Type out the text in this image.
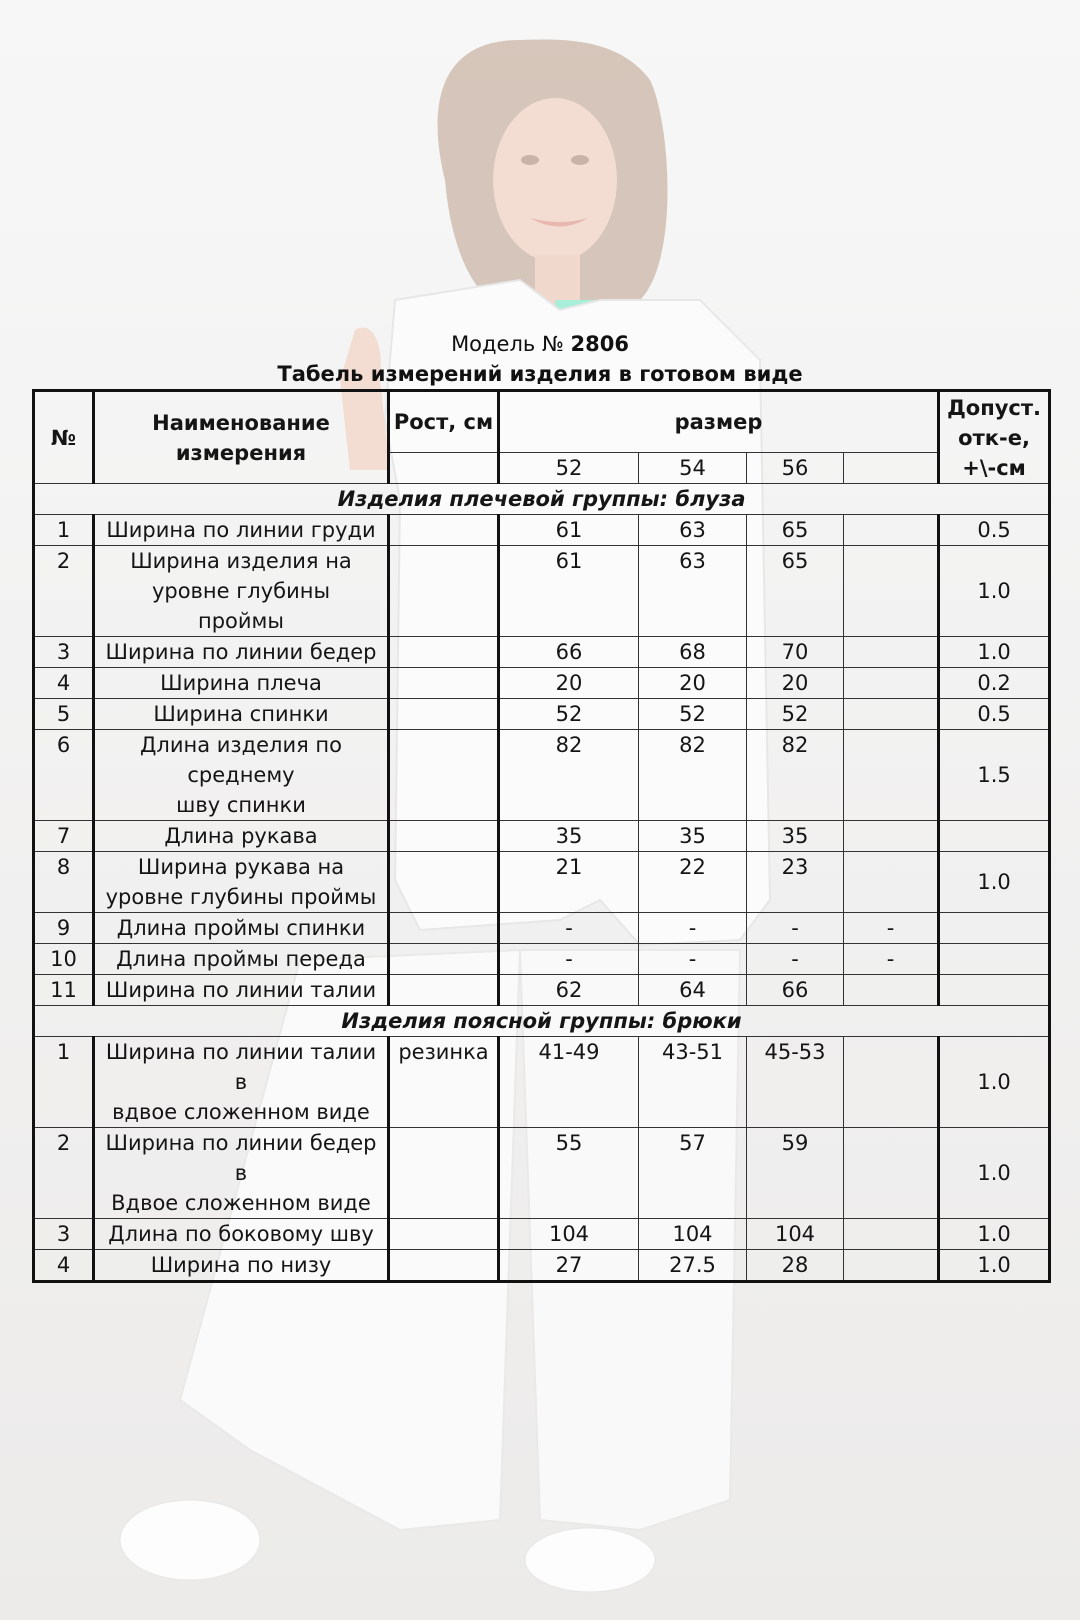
Модель № 2806
Табель измерений изделия в готовом виде
№	Наименование измерения	Рост, см	размер				Допуст. отк-е, +\-см
			52	54	56		
Изделия плечевой группы: блуза							
1	Ширина по линии груди		61	63	65		0.5
2	Ширина изделия на
уровне глубины
проймы		61	63	65		1.0
3	Ширина по линии бедер		66	68	70		1.0
4	Ширина плеча		20	20	20		0.2
5	Ширина спинки		52	52	52		0.5
6	Длина изделия по
среднему
шву спинки		82	82	82		1.5
7	Длина рукава		35	35	35		
8	Ширина рукава на
уровне глубины проймы		21	22	23		1.0
9	Длина проймы спинки		-	-	-	-	
10	Длина проймы переда		-	-	-	-	
11	Ширина по линии талии		62	64	66		
Изделия поясной группы: брюки							
1	Ширина по линии талии
в
вдвое сложенном виде	резинка	41-49	43-51	45-53		1.0
2	Ширина по линии бедер
в
Вдвое сложенном виде		55	57	59		1.0
3	Длина по боковому шву		104	104	104		1.0
4	Ширина по низу		27	27.5	28		1.0
